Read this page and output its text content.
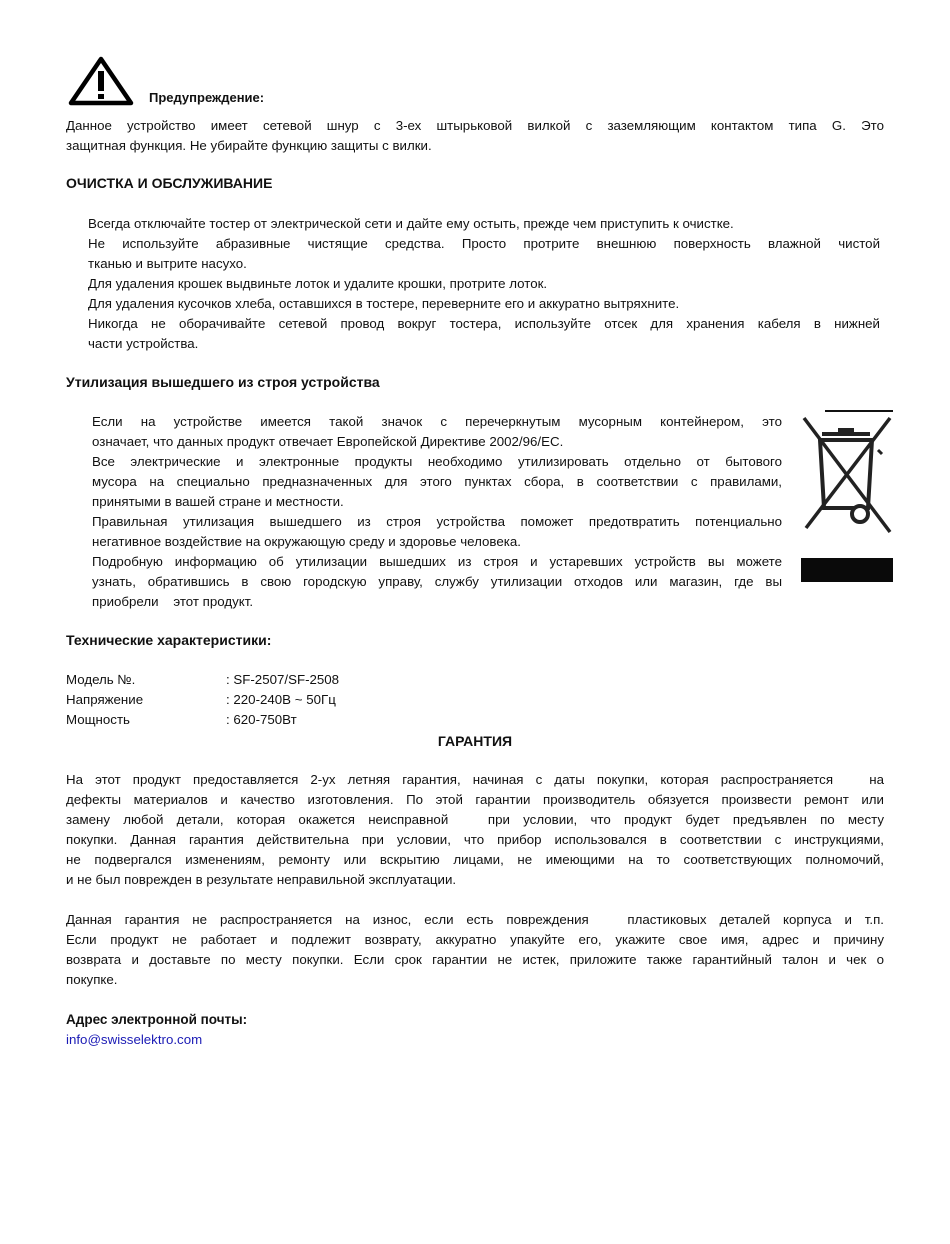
Предупреждение:

Данное устройство имеет сетевой шнур с 3-ех штырьковой вилкой с заземляющим контактом типа G. Это
защитная функция. Не убирайте функцию защиты с вилки.

ОЧИСТКА И ОБСЛУЖИВАНИЕ
Всегда отключайте тостер от электрической сети и дайте ему остыть, прежде чем приступить к очистке.
Не используйте абразивные чистящие средства. Просто протрите внешнюю поверхность влажной чистой
тканью и вытрите насухо.
Для удаления крошек выдвиньте лоток и удалите крошки, протрите лоток.
Для удаления кусочков хлеба, оставшихся в тостере, переверните его и аккуратно вытряхните.
Никогда не оборачивайте сетевой провод вокруг тостера, используйте отсек для хранения кабеля в нижней
части устройства.
Утилизация вышедшего из строя устройства
Если на устройстве имеется такой значок с перечеркнутым мусорным контейнером, это
означает, что данных продукт отвечает Европейской Директиве 2002/96/EC.
Все электрические и электронные продукты необходимо утилизировать отдельно от бытового
мусора на специально предназначенных для этого пунктах сбора, в соответствии с правилами,
принятыми в вашей стране и местности.
Правильная утилизация вышедшего из строя устройства поможет предотвратить потенциально
негативное воздействие на окружающую среду и здоровье человека.
Подробную информацию об утилизации вышедших из строя и устаревших устройств вы можете
узнать, обратившись в свою городскую управу, службу утилизации отходов или магазин, где вы
приобрели    этот продукт.
Технические характеристики:
Модель №.	: SF-2507/SF-2508
Напряжение	: 220-240В ~ 50Гц
Мощность	: 620-750Вт
ГАРАНТИЯ

На этот продукт предоставляется 2-ух летняя гарантия, начиная с даты покупки, которая распространяется   на
дефекты материалов и качество изготовления. По этой гарантии производитель обязуется произвести ремонт или
замену любой детали, которая окажется неисправной   при условии, что продукт будет предъявлен по месту
покупки. Данная гарантия действительна при условии, что прибор использовался в соответствии с инструкциями,
не подвергался изменениям, ремонту или вскрытию лицами, не имеющими на то соответствующих полномочий,
и не был поврежден в результате неправильной эксплуатации.

Данная гарантия не распространяется на износ, если есть повреждения   пластиковых деталей корпуса и т.п.
Если продукт не работает и подлежит возврату, аккуратно упакуйте его, укажите свое имя, адрес и причину
возврата и доставьте по месту покупки. Если срок гарантии не истек, приложите также гарантийный талон и чек о
покупке.

Адрес электронной почты:
info@swisselektro.com
